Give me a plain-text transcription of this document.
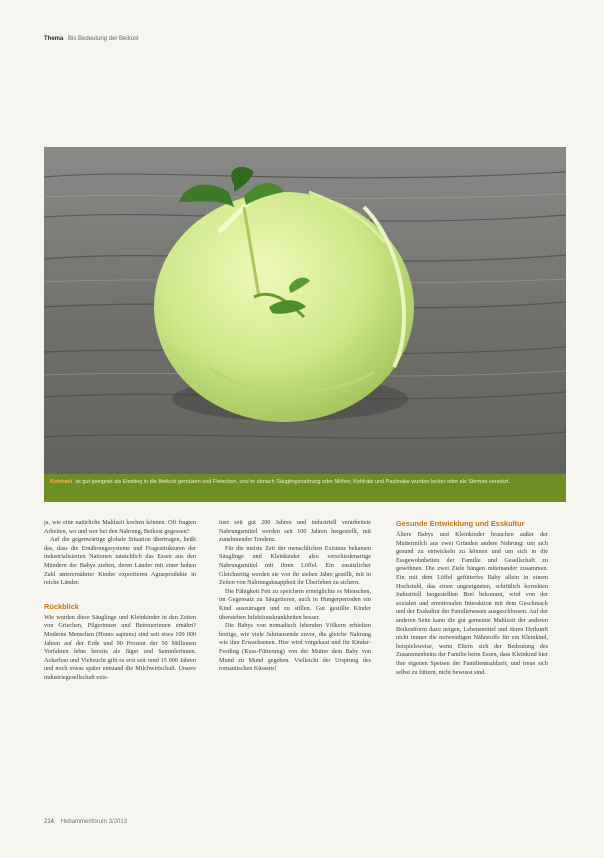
Thema Bis Bedeutung der Beikost
Kohlrabi ist gut geeignet als Einstieg in die Beikost gemüsen und Fleischen, und er danach Säuglingsnahrung oder Möhre; Kohlrabi und Pastinake wurden lecker oder als Sternen versetzt.

ja, wie eine natürliche Mahlzeit kochen können. Oft fragten Arbeiten, wo und wer bei den Nahrung, Beikost gegessen?

Auf die gegenwärtige globale Situation übertragen, heißt das, dass die Ernährungssysteme und Fragestrukturen der industrialisierten Nationen tatsächlich das Essen aus den Mündern der Babys ziehen, deren Länder mit einer hohen Zahl unterernährter Kinder exportieren Agrarprodukte in reiche Länder.

Rückblick

Wie wurden diese Säuglinge und Kleinkinder in den Zeiten von Griechen, Pilgerinnen und Betreuerinnen ernährt? Moderne Menschen (Homo sapiens) sind seit etwa 100 000 Jahren auf der Erde und 90 Prozent der 50 Millionen Vorfahren lebte bereits als Jäger und Sammlerinnen. Ackerbau und Viehzucht gibt es erst seit rund 15 000 Jahren und noch etwas später entstand die Milchwirtschaft. Unsere industriegesellschaft exis-

tiert seit gut 200 Jahren und industriell verarbeitete Nahrungsmittel werden seit 100 Jahren hergestellt, mit zunehmender Tendenz.

Für die meiste Zeit der menschlichen Existenz bekamen Säuglinge und Kleinkinder also verschiedenartige Nahrungsmittel mit ihren Löffel. Ein zusätzlicher Gleichzeitig werden sie von ihr sieben Jahre gestillt, mit in Zeiten von Nahrungsknappheit ihr Überleben zu sichern.

Die Fähigkeit Fett zu speichern ermöglichte es Menschen, im Gegensatz zu Säugetieren, auch in Hungerperioden ein Kind auszutragen und zu stillen. Gut gestillte Kinder überstehen Infektionskrankheiten besser.

Die Babys von nomadisch lebenden Völkern erhielten breiige, wie viele Jahrtausende zuvor, die gleiche Nahrung wie ihre Erwachsenen. Hier wird vorgekaut und für Kinder-Feeding (Kuss-Fütterung) von der Mutter dem Baby von Mund zu Mund gegeben. Vielleicht der Ursprung des romantischen Küssens!

Gesunde Entwicklung und Esskultur

Ältere Babys und Kleinkinder brauchen außer der Muttermilch aus zwei Gründen andere Nahrung: um sich gesund zu entwickeln zu können und um sich in die Essgewohnheiten der Familie und Gesellschaft zu gewöhnen. Die zwei Ziele hängen miteinander zusammen. Ein mit dem Löffel gefüttertes Baby allein in einem Hochstuhl, das einen ungeeigneten, schrittlich korrekten Industriell hergestellten Brei bekommt, wird von der sozialen und emotionalen Interaktion mit dem Geschmack und der Esskultur der Familienessen ausgeschlossen. Auf der anderen Seite kann die gut gemeinte Mahlzeit der anderen Beikostform dazu neigen, Lebensmittel und deren Herkunft nicht immer die notwendigen Nährstoffe für ein Kleinkind, beispielsweise, wenn Eltern sich der Bedeutung des Zusammenbeins der Familie beim Essen, dass Kleinkind hier ihre eigenen Speisen der Familienmahlzeit, und treue sich selbst zu füttern, nicht bewusst sind.

214 Hebammenforum 3/2013
